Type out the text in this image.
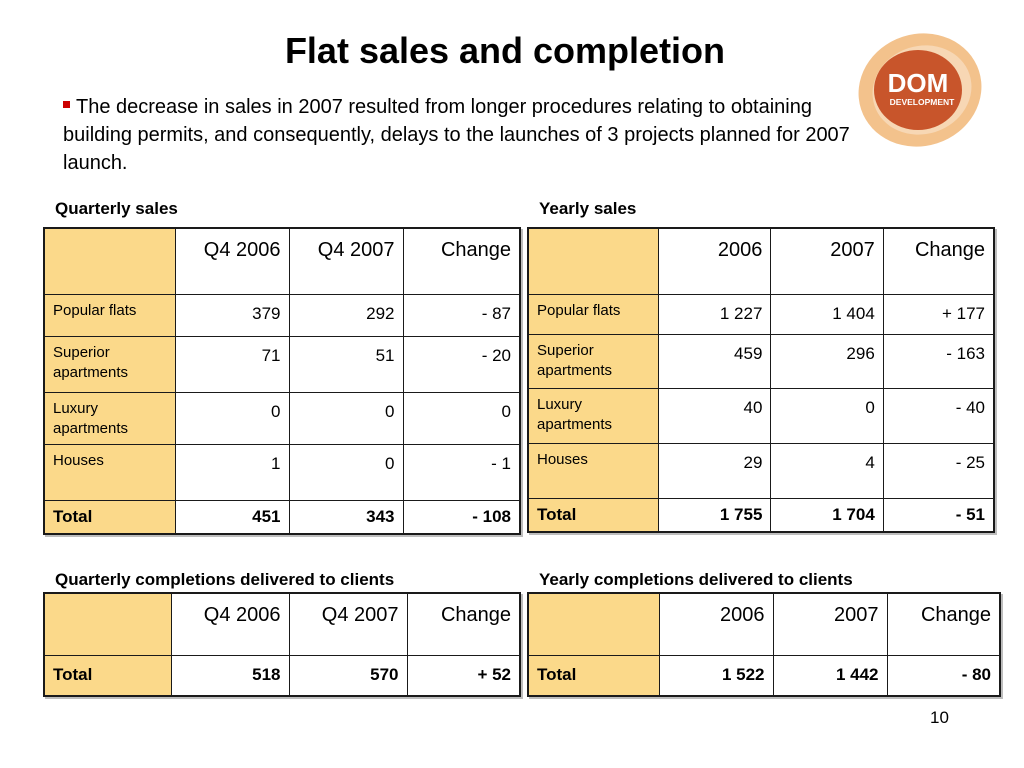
Flat sales and completion
The decrease in sales in 2007 resulted from longer procedures relating to obtaining building permits, and consequently, delays to the launches of 3 projects planned for 2007 launch.
DOM
DEVELOPMENT
Quarterly sales
	Q4 2006	Q4 2007	Change
Popular flats	379	292	- 87
Superior apartments	71	51	- 20
Luxury apartments	0	0	0
Houses	1	0	- 1
Total	451	343	- 108
Yearly sales
	2006	2007	Change
Popular flats	1 227	1 404	+ 177
Superior apartments	459	296	- 163
Luxury apartments	40	0	- 40
Houses	29	4	- 25
Total	1 755	1 704	- 51
Quarterly completions delivered to clients
	Q4 2006	Q4 2007	Change
Total	518	570	+ 52
Yearly completions delivered to clients
	2006	2007	Change
Total	1 522	1 442	- 80
10
